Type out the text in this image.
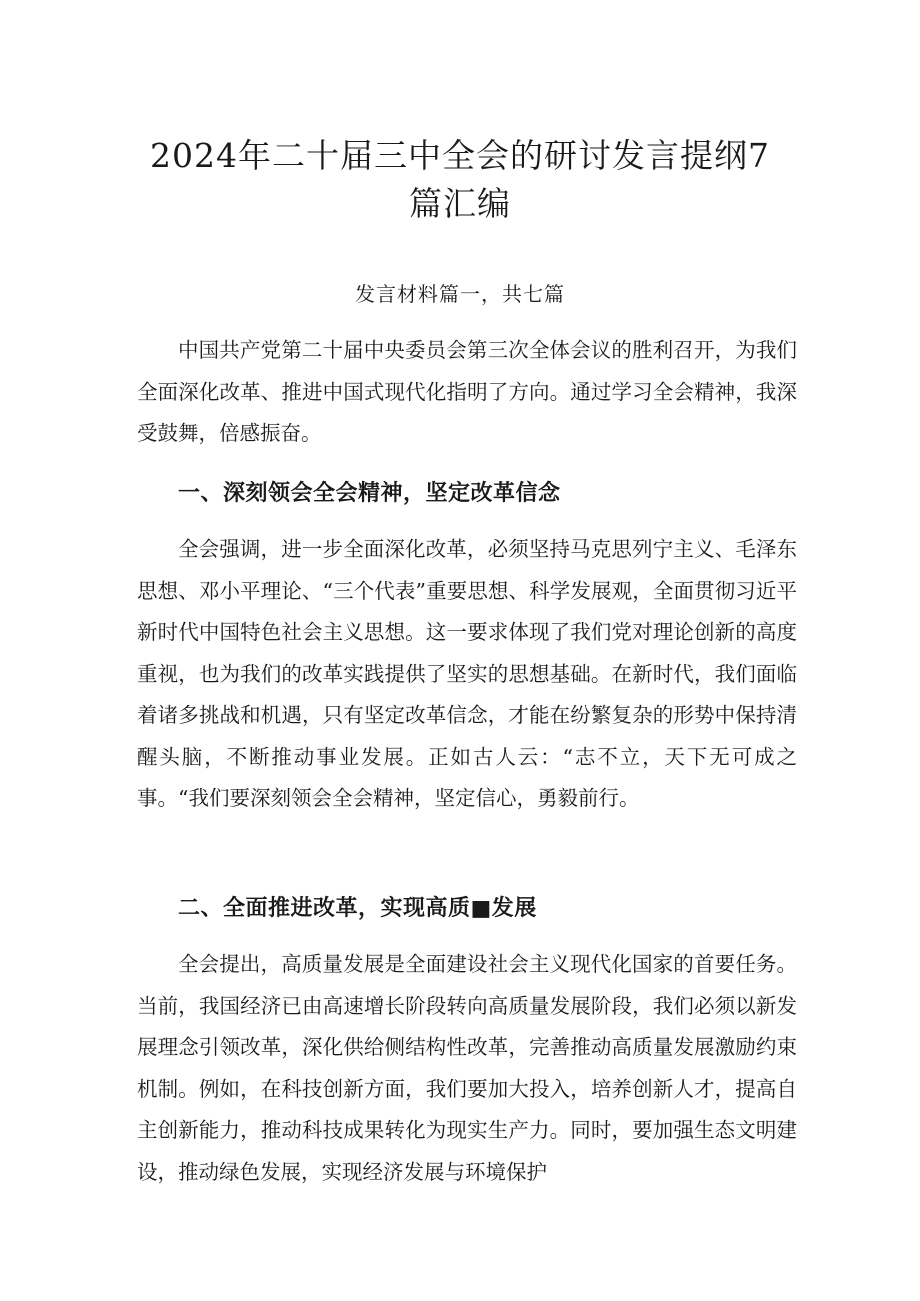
2024年二十届三中全会的研讨发言提纲7篇汇编
发言材料篇一，共七篇

中国共产党第二十届中央委员会第三次全体会议的胜利召开，为我们全面深化改革、推进中国式现代化指明了方向。通过学习全会精神，我深受鼓舞，倍感振奋。

一、深刻领会全会精神，坚定改革信念

全会强调，进一步全面深化改革，必须坚持马克思列宁主义、毛泽东思想、邓小平理论、“三个代表”重要思想、科学发展观，全面贯彻习近平新时代中国特色社会主义思想。这一要求体现了我们党对理论创新的高度重视，也为我们的改革实践提供了坚实的思想基础。在新时代，我们面临着诸多挑战和机遇，只有坚定改革信念，才能在纷繁复杂的形势中保持清醒头脑，不断推动事业发展。正如古人云：“志不立，天下无可成之事。“我们要深刻领会全会精神，坚定信心，勇毅前行。

二、全面推进改革，实现高质■发展

全会提出，高质量发展是全面建设社会主义现代化国家的首要任务。当前，我国经济已由高速增长阶段转向高质量发展阶段，我们必须以新发展理念引领改革，深化供给侧结构性改革，完善推动高质量发展激励约束机制。例如，在科技创新方面，我们要加大投入，培养创新人才，提高自主创新能力，推动科技成果转化为现实生产力。同时，要加强生态文明建设，推动绿色发展，实现经济发展与环境保护
